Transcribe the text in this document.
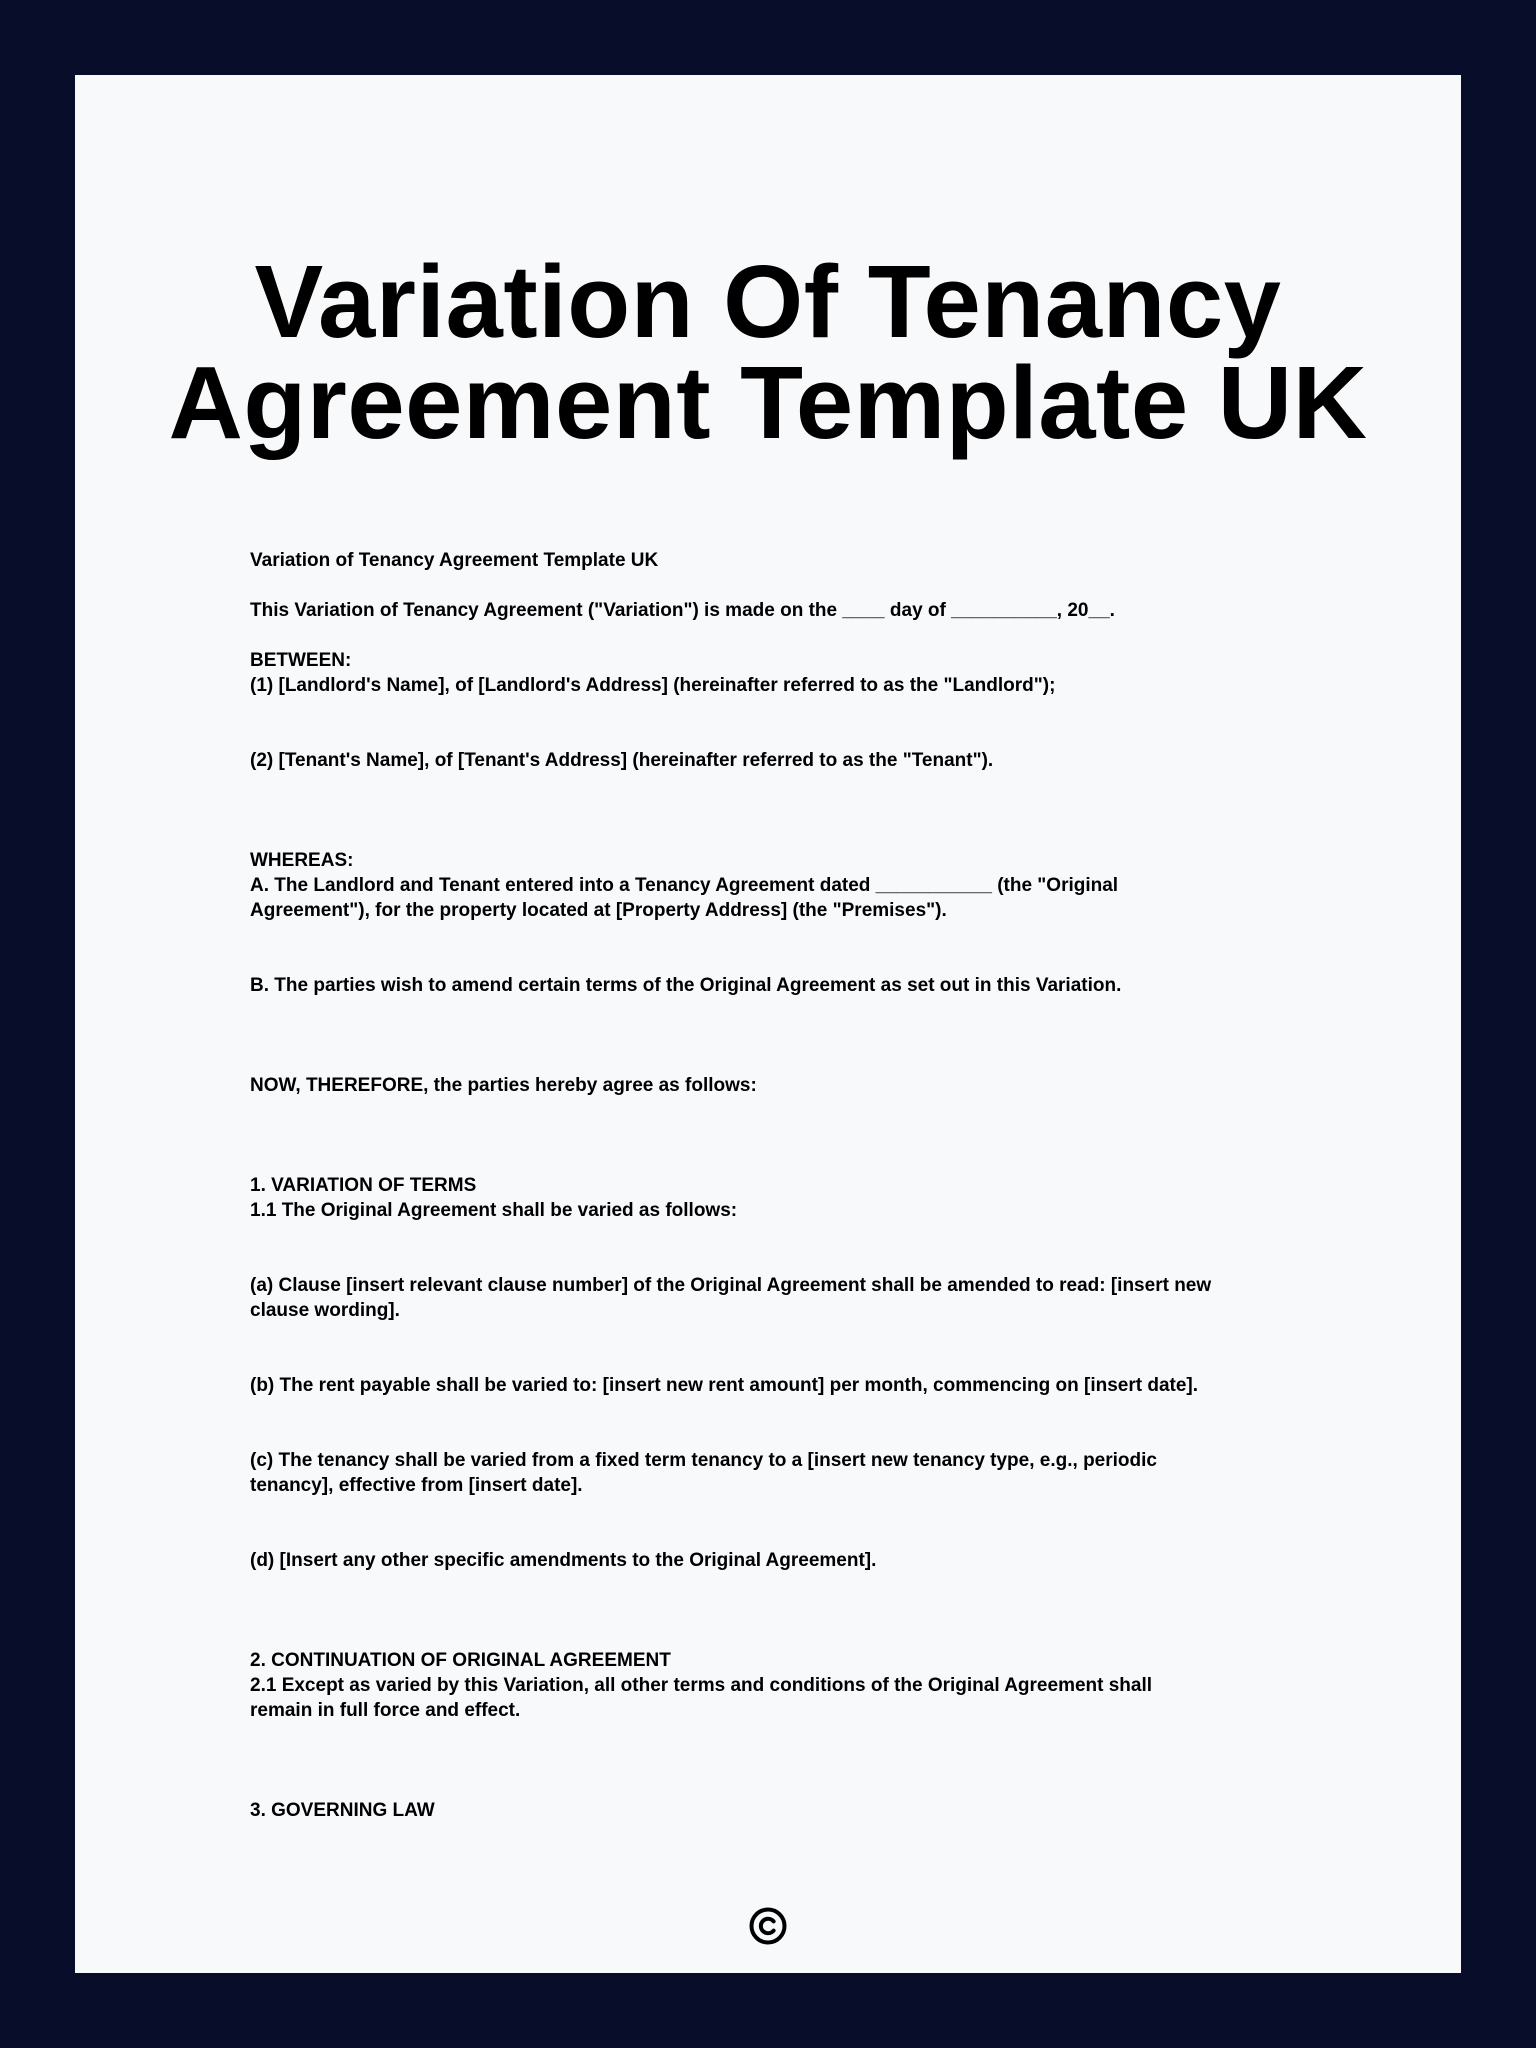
Variation Of Tenancy
Agreement Template UK
Variation of Tenancy Agreement Template UK
This Variation of Tenancy Agreement ("Variation") is made on the ____ day of __________, 20__.
BETWEEN:
(1) [Landlord's Name], of [Landlord's Address] (hereinafter referred to as the "Landlord");
(2) [Tenant's Name], of [Tenant's Address] (hereinafter referred to as the "Tenant").
WHEREAS:
A. The Landlord and Tenant entered into a Tenancy Agreement dated ___________ (the "Original
Agreement"), for the property located at [Property Address] (the "Premises").
B. The parties wish to amend certain terms of the Original Agreement as set out in this Variation.
NOW, THEREFORE, the parties hereby agree as follows:
1. VARIATION OF TERMS
1.1 The Original Agreement shall be varied as follows:
(a) Clause [insert relevant clause number] of the Original Agreement shall be amended to read: [insert new
clause wording].
(b) The rent payable shall be varied to: [insert new rent amount] per month, commencing on [insert date].
(c) The tenancy shall be varied from a fixed term tenancy to a [insert new tenancy type, e.g., periodic
tenancy], effective from [insert date].
(d) [Insert any other specific amendments to the Original Agreement].
2. CONTINUATION OF ORIGINAL AGREEMENT
2.1 Except as varied by this Variation, all other terms and conditions of the Original Agreement shall
remain in full force and effect.
3. GOVERNING LAW
